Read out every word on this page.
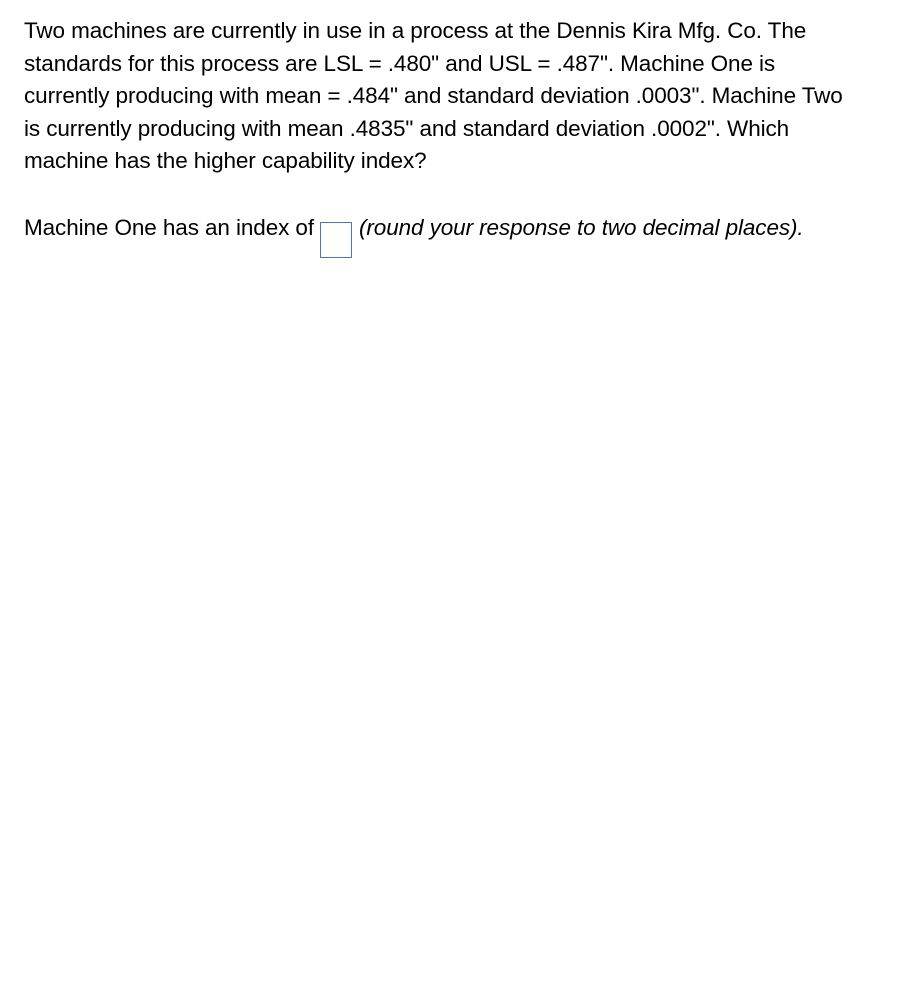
Two machines are currently in use in a process at the Dennis Kira Mfg. Co. The standards for this process are LSL = .480" and USL = .487". Machine One is currently producing with mean = .484" and standard deviation .0003". Machine Two is currently producing with mean .4835" and standard deviation .0002". Which machine has the higher capability index?

Machine One has an index of (round your response to two decimal places).
